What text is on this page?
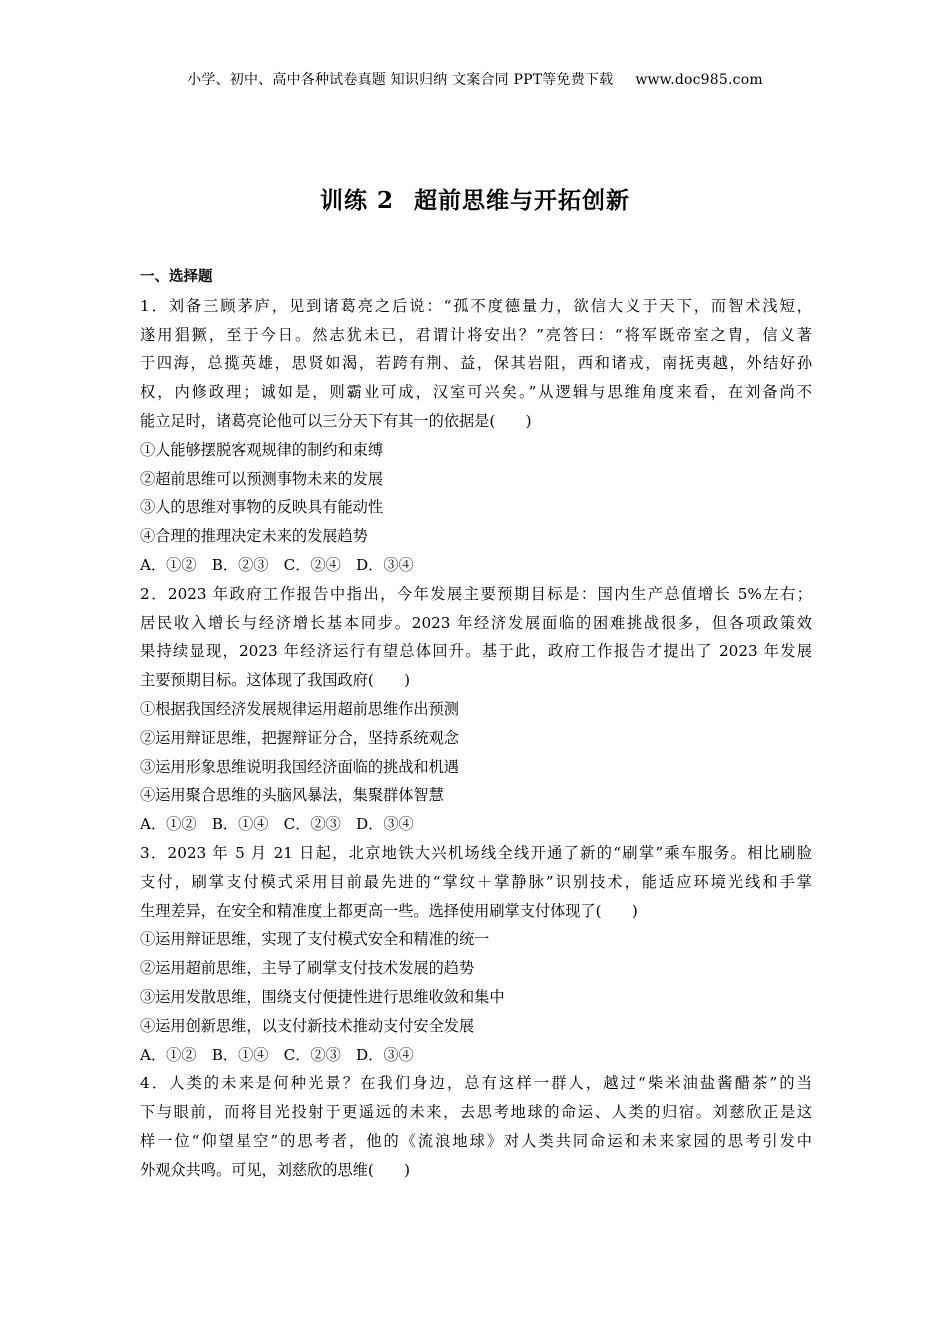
小学、初中、高中各种试卷真题 知识归纳 文案合同 PPT等免费下载 www.doc985.com
训练 2 超前思维与开拓创新
一、选择题
1．刘备三顾茅庐，见到诸葛亮之后说：“孤不度德量力，欲信大义于天下，而智术浅短，
遂用猖獗，至于今日。然志犹未已，君谓计将安出？”亮答曰：“将军既帝室之胄，信义著
于四海，总揽英雄，思贤如渴，若跨有荆、益，保其岩阻，西和诸戎，南抚夷越，外结好孙
权，内修政理；诚如是，则霸业可成，汉室可兴矣。”从逻辑与思维角度来看，在刘备尚不
能立足时，诸葛亮论他可以三分天下有其一的依据是(　　)
①人能够摆脱客观规律的制约和束缚
②超前思维可以预测事物未来的发展
③人的思维对事物的反映具有能动性
④合理的推理决定未来的发展趋势
A．①②　B．②③　C．②④　D．③④
2．2023 年政府工作报告中指出，今年发展主要预期目标是：国内生产总值增长 5%左右；
居民收入增长与经济增长基本同步。2023 年经济发展面临的困难挑战很多，但各项政策效
果持续显现，2023 年经济运行有望总体回升。基于此，政府工作报告才提出了 2023 年发展
主要预期目标。这体现了我国政府(　　)
①根据我国经济发展规律运用超前思维作出预测
②运用辩证思维，把握辩证分合，坚持系统观念
③运用形象思维说明我国经济面临的挑战和机遇
④运用聚合思维的头脑风暴法，集聚群体智慧
A．①②　B．①④　C．②③　D．③④
3．2023 年 5 月 21 日起，北京地铁大兴机场线全线开通了新的“刷掌”乘车服务。相比刷脸
支付，刷掌支付模式采用目前最先进的“掌纹＋掌静脉”识别技术，能适应环境光线和手掌
生理差异，在安全和精准度上都更高一些。选择使用刷掌支付体现了(　　)
①运用辩证思维，实现了支付模式安全和精准的统一
②运用超前思维，主导了刷掌支付技术发展的趋势
③运用发散思维，围绕支付便捷性进行思维收敛和集中
④运用创新思维，以支付新技术推动支付安全发展
A．①②　B．①④　C．②③　D．③④
4．人类的未来是何种光景？在我们身边，总有这样一群人，越过“柴米油盐酱醋茶”的当
下与眼前，而将目光投射于更遥远的未来，去思考地球的命运、人类的归宿。刘慈欣正是这
样一位“仰望星空”的思考者，他的《流浪地球》对人类共同命运和未来家园的思考引发中
外观众共鸣。可见，刘慈欣的思维(　　)
